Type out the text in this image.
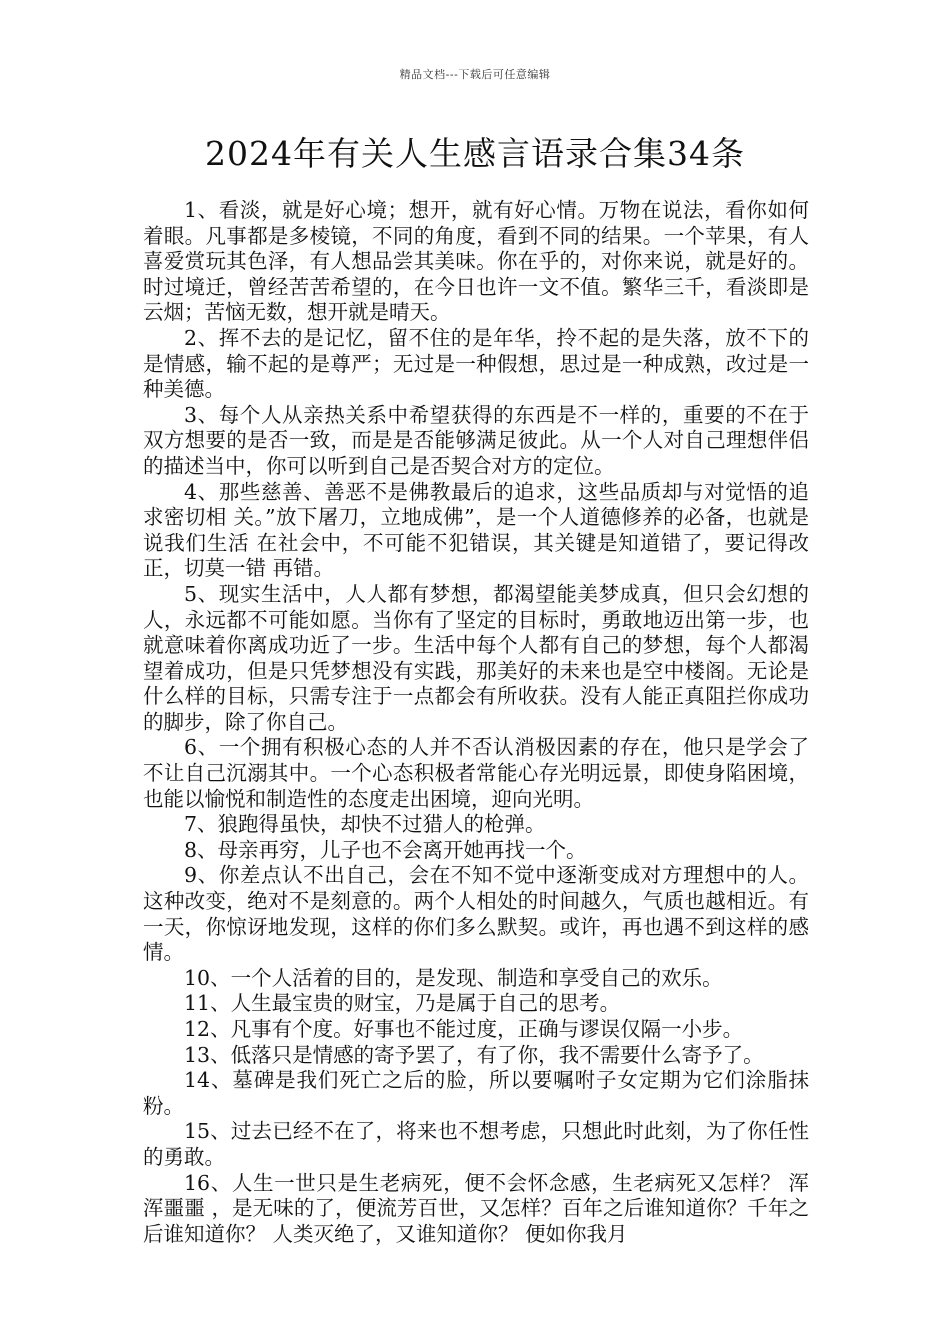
精品文档---下载后可任意编辑
2024年有关人生感言语录合集34条

1、看淡，就是好心境；想开，就有好心情。万物在说法，看你如何着眼。凡事都是多棱镜，不同的角度，看到不同的结果。一个苹果，有人喜爱赏玩其色泽，有人想品尝其美味。你在乎的，对你来说，就是好的。时过境迁，曾经苦苦希望的，在今日也许一文不值。繁华三千，看淡即是云烟；苦恼无数，想开就是晴天。

2、挥不去的是记忆，留不住的是年华，拎不起的是失落，放不下的是情感，输不起的是尊严；无过是一种假想，思过是一种成熟，改过是一种美德。

3、每个人从亲热关系中希望获得的东西是不一样的，重要的不在于双方想要的是否一致，而是是否能够满足彼此。从一个人对自己理想伴侣的描述当中，你可以听到自己是否契合对方的定位。

4、那些慈善、善恶不是佛教最后的追求，这些品质却与对觉悟的追求密切相 关。”放下屠刀，立地成佛”，是一个人道德修养的必备，也就是说我们生活 在社会中，不可能不犯错误，其关键是知道错了，要记得改正，切莫一错 再错。

5、现实生活中，人人都有梦想，都渴望能美梦成真，但只会幻想的人，永远都不可能如愿。当你有了坚定的目标时，勇敢地迈出第一步，也就意味着你离成功近了一步。生活中每个人都有自己的梦想，每个人都渴望着成功，但是只凭梦想没有实践，那美好的未来也是空中楼阁。无论是什么样的目标，只需专注于一点都会有所收获。没有人能正真阻拦你成功的脚步，除了你自己。

6、一个拥有积极心态的人并不否认消极因素的存在，他只是学会了不让自己沉溺其中。一个心态积极者常能心存光明远景，即使身陷困境，也能以愉悦和制造性的态度走出困境，迎向光明。

7、狼跑得虽快，却快不过猎人的枪弹。

8、母亲再穷，儿子也不会离开她再找一个。

9、你差点认不出自己，会在不知不觉中逐渐变成对方理想中的人。这种改变，绝对不是刻意的。两个人相处的时间越久，气质也越相近。有一天，你惊讶地发现，这样的你们多么默契。或许，再也遇不到这样的感情。

10、一个人活着的目的，是发现、制造和享受自己的欢乐。

11、人生最宝贵的财宝，乃是属于自己的思考。

12、凡事有个度。好事也不能过度，正确与谬误仅隔一小步。

13、低落只是情感的寄予罢了，有了你，我不需要什么寄予了。

14、墓碑是我们死亡之后的脸，所以要嘱咐子女定期为它们涂脂抹粉。

15、过去已经不在了，将来也不想考虑，只想此时此刻，为了你任性的勇敢。

16、人生一世只是生老病死，便不会怀念感，生老病死又怎样？ 浑浑噩噩 ，是无味的了，便流芳百世，又怎样？百年之后谁知道你？千年之后谁知道你？ 人类灭绝了，又谁知道你？ 便如你我月
